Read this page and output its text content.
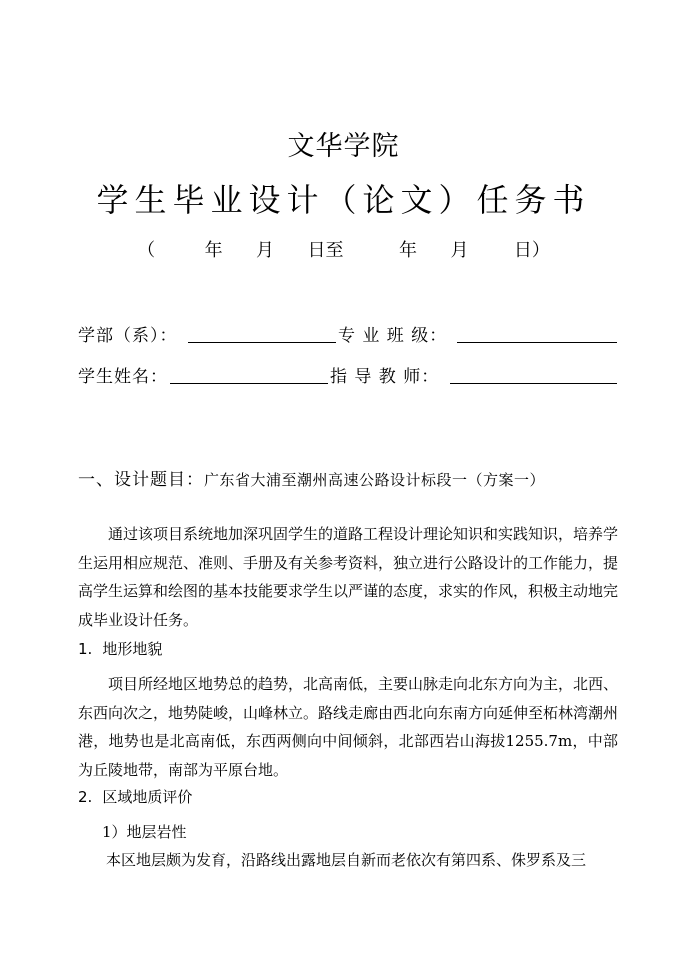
文华学院
学生毕业设计（论文）任务书
（	年 月 日至	年 月	日）
学部（系）：	专 业 班 级：
学生姓名：	指 导 教 师：
一、设计题目：广东省大浦至潮州高速公路设计标段一（方案一）
通过该项目系统地加深巩固学生的道路工程设计理论知识和实践知识，培养学生运用相应规范、准则、手册及有关参考资料，独立进行公路设计的工作能力，提高学生运算和绘图的基本技能要求学生以严谨的态度，求实的作风，积极主动地完成毕业设计任务。
1. 地形地貌
项目所经地区地势总的趋势，北高南低，主要山脉走向北东方向为主，北西、东西向次之，地势陡峻，山峰林立。路线走廊由西北向东南方向延伸至柘林湾潮州港，地势也是北高南低，东西两侧向中间倾斜，北部西岩山海拔1255.7m，中部为丘陵地带，南部为平原台地。
2. 区域地质评价
1）地层岩性
本区地层颇为发育，沿路线出露地层自新而老依次有第四系、侏罗系及三
